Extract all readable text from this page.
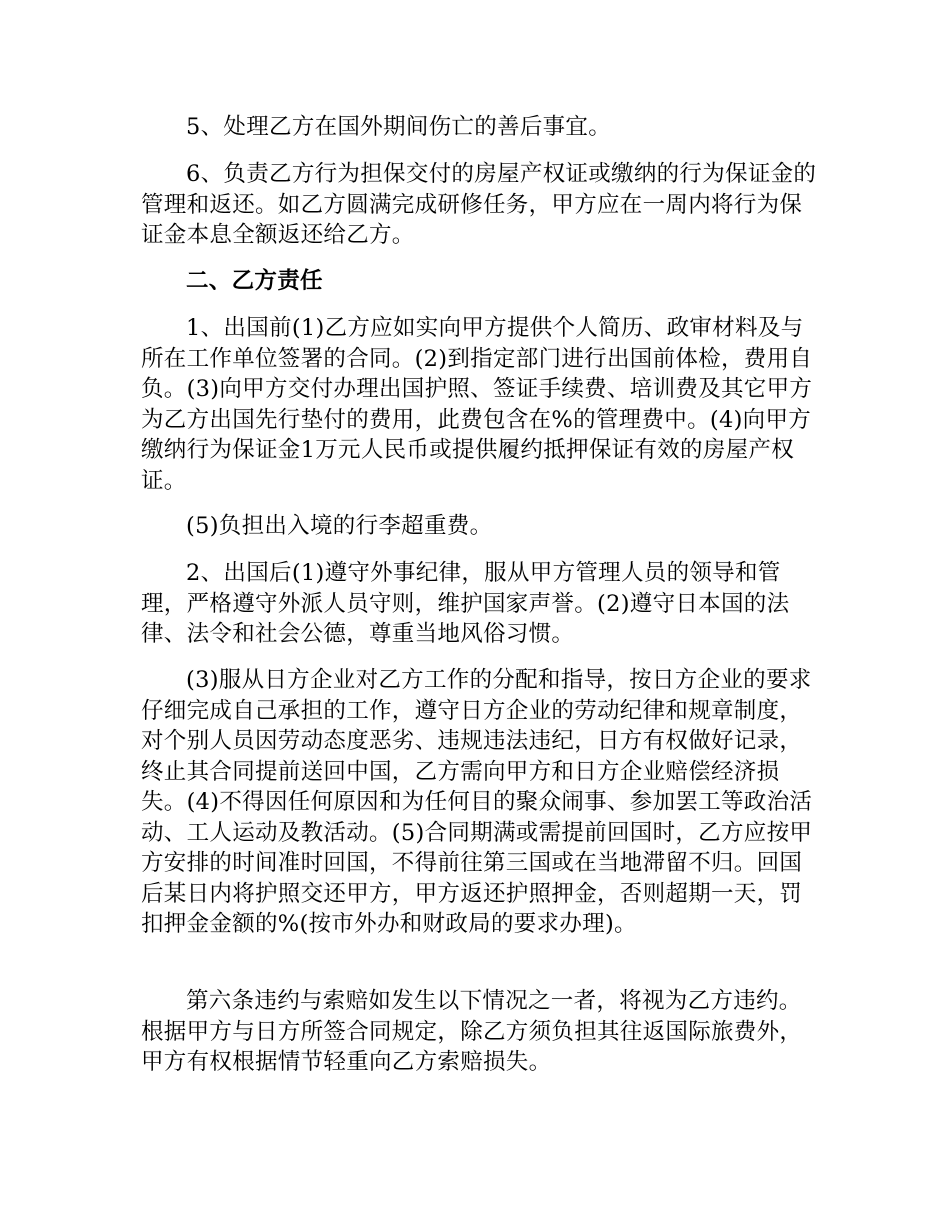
5、处理乙方在国外期间伤亡的善后事宜。

6、负责乙方行为担保交付的房屋产权证或缴纳的行为保证金的管理和返还。如乙方圆满完成研修任务，甲方应在一周内将行为保证金本息全额返还给乙方。

二、乙方责任

1、出国前(1)乙方应如实向甲方提供个人简历、政审材料及与所在工作单位签署的合同。(2)到指定部门进行出国前体检，费用自负。(3)向甲方交付办理出国护照、签证手续费、培训费及其它甲方为乙方出国先行垫付的费用，此费包含在%的管理费中。(4)向甲方缴纳行为保证金1万元人民币或提供履约抵押保证有效的房屋产权证。

(5)负担出入境的行李超重费。

2、出国后(1)遵守外事纪律，服从甲方管理人员的领导和管理，严格遵守外派人员守则，维护国家声誉。(2)遵守日本国的法律、法令和社会公德，尊重当地风俗习惯。

(3)服从日方企业对乙方工作的分配和指导，按日方企业的要求仔细完成自己承担的工作，遵守日方企业的劳动纪律和规章制度，对个别人员因劳动态度恶劣、违规违法违纪，日方有权做好记录，终止其合同提前送回中国，乙方需向甲方和日方企业赔偿经济损失。(4)不得因任何原因和为任何目的聚众闹事、参加罢工等政治活动、工人运动及教活动。(5)合同期满或需提前回国时，乙方应按甲方安排的时间准时回国，不得前往第三国或在当地滞留不归。回国后某日内将护照交还甲方，甲方返还护照押金，否则超期一天，罚扣押金金额的%(按市外办和财政局的要求办理)。

第六条违约与索赔如发生以下情况之一者，将视为乙方违约。根据甲方与日方所签合同规定，除乙方须负担其往返国际旅费外，甲方有权根据情节轻重向乙方索赔损失。
